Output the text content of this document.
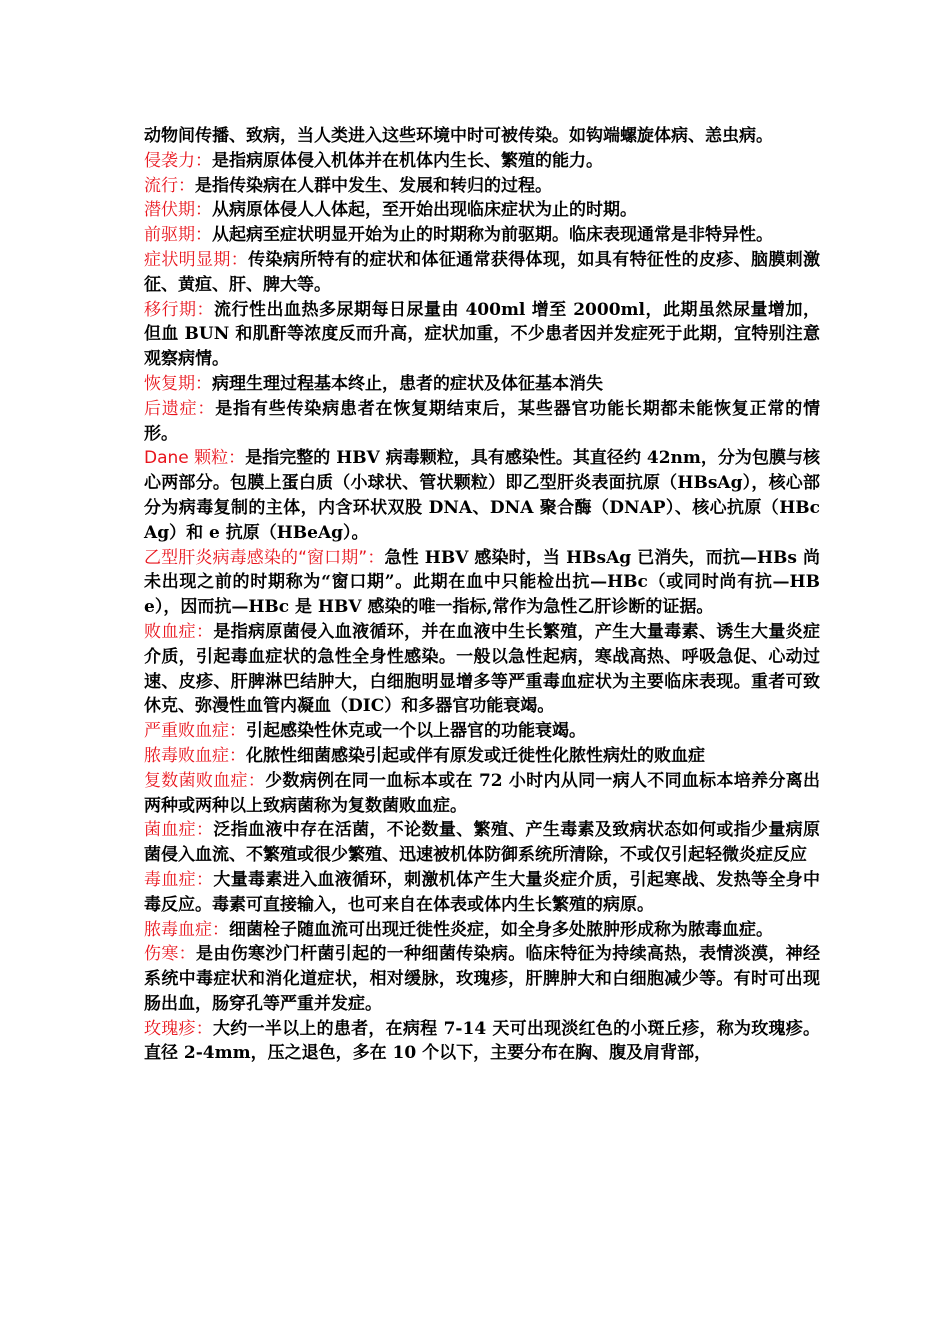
动物间传播、致病，当人类进入这些环境中时可被传染。如钩端螺旋体病、恙虫病。

侵袭力：是指病原体侵入机体并在机体内生长、繁殖的能力。

流行：是指传染病在人群中发生、发展和转归的过程。

潜伏期：从病原体侵人人体起，至开始出现临床症状为止的时期。

前驱期：从起病至症状明显开始为止的时期称为前驱期。临床表现通常是非特异性。

症状明显期：传染病所特有的症状和体征通常获得体现，如具有特征性的皮疹、脑膜刺激征、黄疸、肝、脾大等。

移行期：流行性出血热多尿期每日尿量由 400ml 增至 2000ml，此期虽然尿量增加，但血 BUN 和肌酐等浓度反而升高，症状加重，不少患者因并发症死于此期，宜特别注意观察病情。

恢复期：病理生理过程基本终止，患者的症状及体征基本消失

后遗症：是指有些传染病患者在恢复期结束后，某些器官功能长期都未能恢复正常的情形。

Dane 颗粒：是指完整的 HBV 病毒颗粒，具有感染性。其直径约 42nm，分为包膜与核心两部分。包膜上蛋白质（小球状、管状颗粒）即乙型肝炎表面抗原（HBsAg），核心部分为病毒复制的主体，内含环状双股 DNA、DNA 聚合酶（DNAP）、核心抗原（HBcAg）和 e 抗原（HBeAg）。

乙型肝炎病毒感染的“窗口期”：急性 HBV 感染时，当 HBsAg 已消失，而抗—HBs 尚未出现之前的时期称为“窗口期”。此期在血中只能检出抗—HBc（或同时尚有抗—HBe），因而抗—HBc 是 HBV 感染的唯一指标,常作为急性乙肝诊断的证据。

败血症：是指病原菌侵入血液循环，并在血液中生长繁殖，产生大量毒素、诱生大量炎症介质，引起毒血症状的急性全身性感染。一般以急性起病，寒战高热、呼吸急促、心动过速、皮疹、肝脾淋巴结肿大，白细胞明显增多等严重毒血症状为主要临床表现。重者可致休克、弥漫性血管内凝血（DIC）和多器官功能衰竭。

严重败血症：引起感染性休克或一个以上器官的功能衰竭。

脓毒败血症：化脓性细菌感染引起或伴有原发或迁徙性化脓性病灶的败血症

复数菌败血症：少数病例在同一血标本或在 72 小时内从同一病人不同血标本培养分离出两种或两种以上致病菌称为复数菌败血症。

菌血症：泛指血液中存在活菌，不论数量、繁殖、产生毒素及致病状态如何或指少量病原菌侵入血流、不繁殖或很少繁殖、迅速被机体防御系统所清除，不或仅引起轻微炎症反应

毒血症：大量毒素进入血液循环，刺激机体产生大量炎症介质，引起寒战、发热等全身中毒反应。毒素可直接输入，也可来自在体表或体内生长繁殖的病原。

脓毒血症：细菌栓子随血流可出现迁徙性炎症，如全身多处脓肿形成称为脓毒血症。

伤寒：是由伤寒沙门杆菌引起的一种细菌传染病。临床特征为持续高热，表情淡漠，神经系统中毒症状和消化道症状，相对缓脉，玫瑰疹，肝脾肿大和白细胞减少等。有时可出现肠出血，肠穿孔等严重并发症。

玫瑰疹：大约一半以上的患者，在病程 7-14 天可出现淡红色的小斑丘疹，称为玫瑰疹。直径 2-4mm，压之退色，多在 10 个以下，主要分布在胸、腹及肩背部，
